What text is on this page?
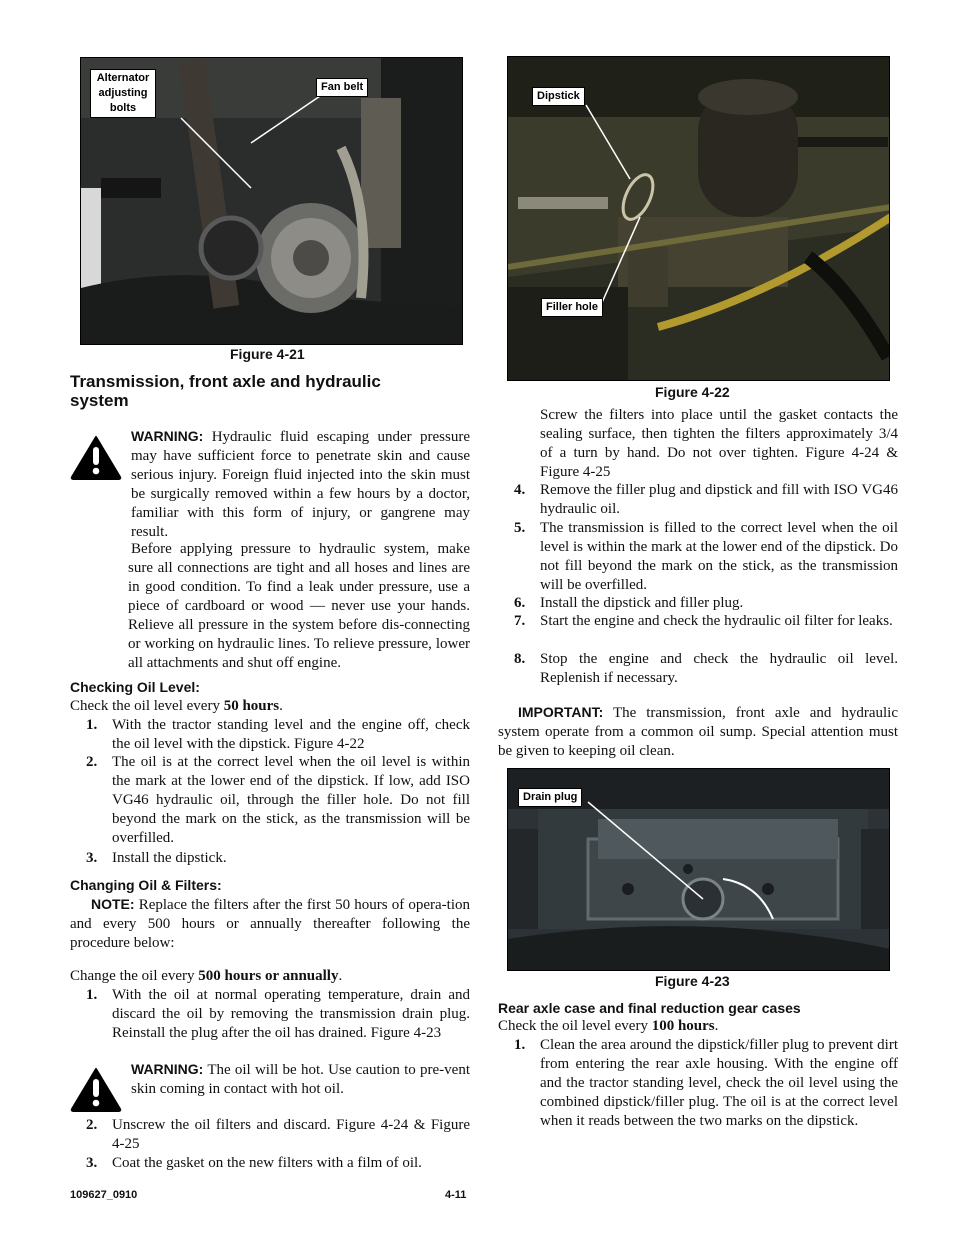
Alternator adjusting bolts
Fan belt
Figure 4-21
Dipstick
Filler hole
Figure 4-22
Transmission, front axle and hydraulic system
WARNING: Hydraulic fluid escaping under pressure may have sufficient force to penetrate skin and cause serious injury. Foreign fluid injected into the skin must be surgically removed within a few hours by a doctor, familiar with this form of injury, or gangrene may result.
Before applying pressure to hydraulic system, make sure all connections are tight and all hoses and lines are in good condition. To find a leak under pressure, use a piece of cardboard or wood — never use your hands. Relieve all pressure in the system before dis-connecting or working on hydraulic lines. To relieve pressure, lower all attachments and shut off engine.
Checking Oil Level:
Check the oil level every 50 hours.
1. With the tractor standing level and the engine off, check the oil level with the dipstick. Figure 4-22
2. The oil is at the correct level when the oil level is within the mark at the lower end of the dipstick. If low, add ISO VG46 hydraulic oil, through the filler hole. Do not fill beyond the mark on the stick, as the transmission will be overfilled.
3. Install the dipstick.
Changing Oil & Filters:
NOTE: Replace the filters after the first 50 hours of opera-tion and every 500 hours or annually thereafter following the procedure below:
Change the oil every 500 hours or annually.
1. With the oil at normal operating temperature, drain and discard the oil by removing the transmission drain plug. Reinstall the plug after the oil has drained. Figure 4-23
WARNING: The oil will be hot. Use caution to pre-vent skin coming in contact with hot oil.
2. Unscrew the oil filters and discard. Figure 4-24 & Figure 4-25
3. Coat the gasket on the new filters with a film of oil.
Screw the filters into place until the gasket contacts the sealing surface, then tighten the filters approximately 3/4 of a turn by hand. Do not over tighten. Figure 4-24 & Figure 4-25
4. Remove the filler plug and dipstick and fill with ISO VG46 hydraulic oil.
5. The transmission is filled to the correct level when the oil level is within the mark at the lower end of the dipstick. Do not fill beyond the mark on the stick, as the transmission will be overfilled.
6. Install the dipstick and filler plug.
7. Start the engine and check the hydraulic oil filter for leaks.
8. Stop the engine and check the hydraulic oil level. Replenish if necessary.
IMPORTANT: The transmission, front axle and hydraulic system operate from a common oil sump. Special attention must be given to keeping oil clean.
Drain plug
Figure 4-23
Rear axle case and final reduction gear cases
Check the oil level every 100 hours.
1. Clean the area around the dipstick/filler plug to prevent dirt from entering the rear axle housing. With the engine off and the tractor standing level, check the oil level using the combined dipstick/filler plug. The oil is at the correct level when it reads between the two marks on the dipstick.
109627_0910	4-11
